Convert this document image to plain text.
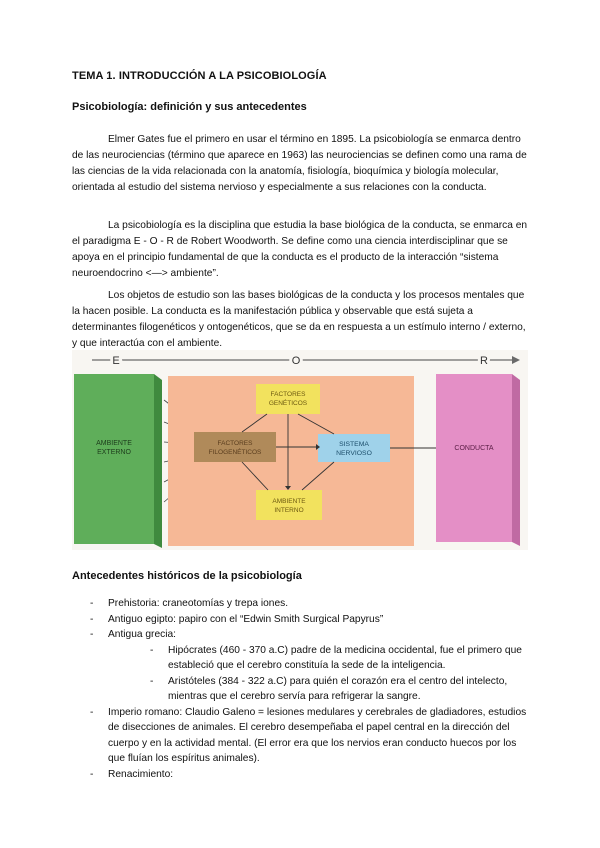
TEMA 1. INTRODUCCIÓN A LA PSICOBIOLOGÍA
Psicobiología: definición y sus antecedentes
Elmer Gates fue el primero en usar el término en 1895. La psicobiología se enmarca dentro de las neurociencias (término que aparece en 1963) las neurociencias se definen como una rama de las ciencias de la vida relacionada con la anatomía, fisiología, bioquímica y biología molecular, orientada al estudio del sistema nervioso y especialmente a sus relaciones con la conducta.
La psicobiología es la disciplina que estudia la base biológica de la conducta, se enmarca en el paradigma E - O - R de Robert Woodworth. Se define como una ciencia interdisciplinar que se apoya en el principio fundamental de que la conducta es el producto de la interacción “sistema neuroendocrino <—> ambiente”.
Los objetos de estudio son las bases biológicas de la conducta y los procesos mentales que la hacen posible. La conducta es la manifestación pública y observable que está sujeta a determinantes filogenéticos y ontogenéticos, que se da en respuesta a un estímulo interno / externo, y que interactúa con el ambiente.
E	O	R
AMBIENTE
EXTERNO
FACTORES
FILOGENÉTICOS
FACTORES
GENÉTICOS
SISTEMA
NERVIOSO
AMBIENTE
INTERNO
CONDUCTA
Antecedentes históricos de la psicobiología
- Prehistoria: craneotomías y trepa iones.
- Antiguo egipto: papiro con el “Edwin Smith Surgical Papyrus”
- Antigua grecia:
- Hipócrates (460 - 370 a.C) padre de la medicina occidental, fue el primero que estableció que el cerebro constituía la sede de la inteligencia.
- Aristóteles (384 - 322 a.C) para quién el corazón era el centro del intelecto, mientras que el cerebro servía para refrigerar la sangre.
- Imperio romano: Claudio Galeno = lesiones medulares y cerebrales de gladiadores, estudios de disecciones de animales. El cerebro desempeñaba el papel central en la dirección del cuerpo y en la actividad mental. (El error era que los nervios eran conducto huecos por los que fluían los espíritus animales).
- Renacimiento:
